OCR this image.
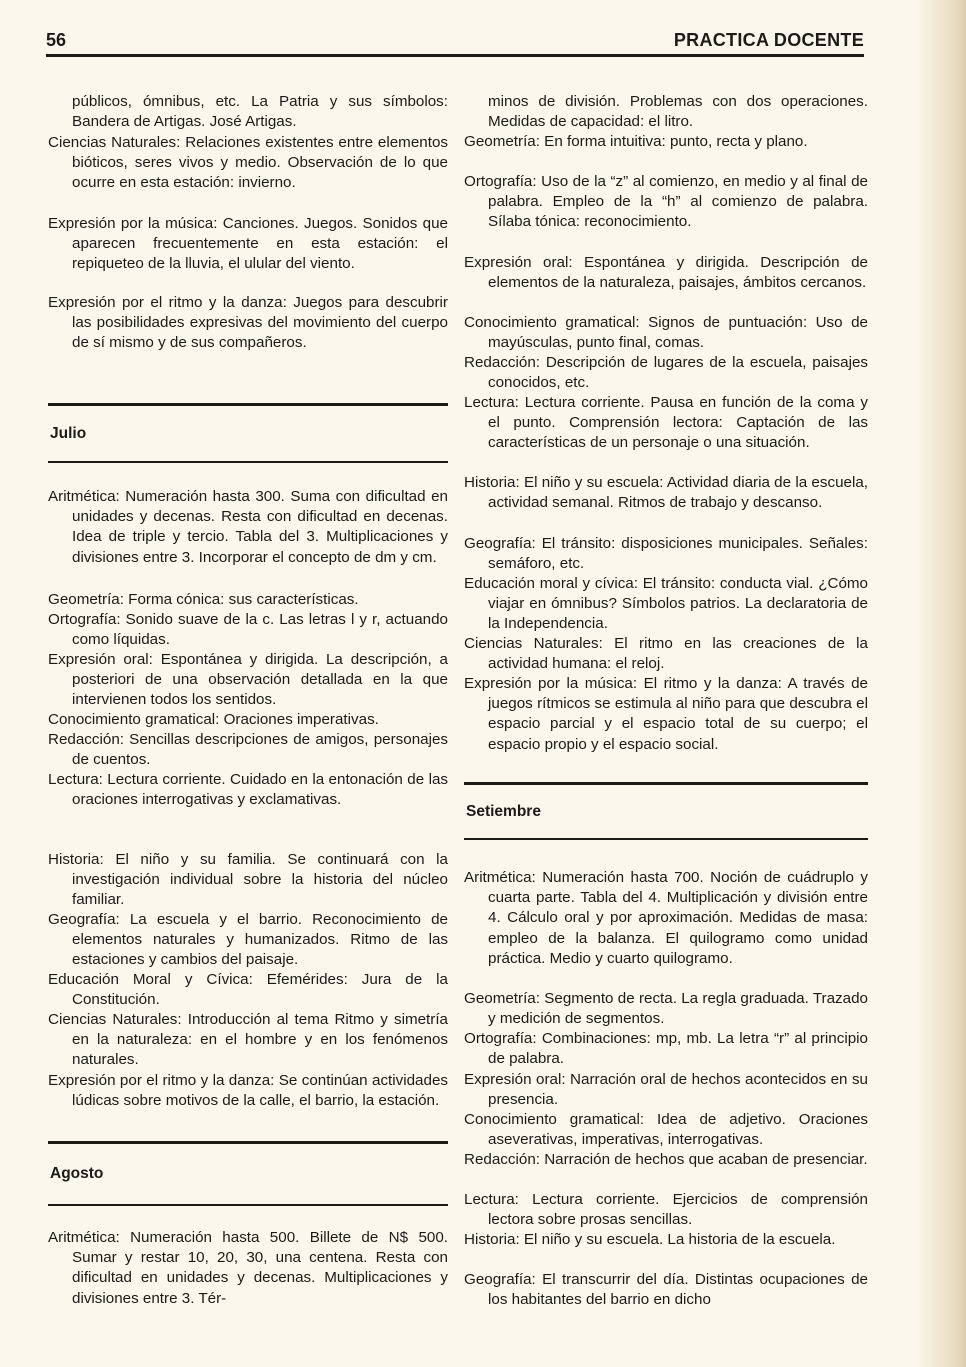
56	PRACTICA DOCENTE
públicos, ómnibus, etc. La Patria y sus símbolos: Bandera de Artigas. José Artigas.
Ciencias Naturales: Relaciones existentes entre elementos bióticos, seres vivos y medio. Observación de lo que ocurre en esta estación: invierno.
Expresión por la música: Canciones. Juegos. Sonidos que aparecen frecuentemente en esta estación: el repiqueteo de la lluvia, el ulular del viento.
Expresión por el ritmo y la danza: Juegos para descubrir las posibilidades expresivas del movimiento del cuerpo de sí mismo y de sus compañeros.
Julio
Aritmética: Numeración hasta 300. Suma con dificultad en unidades y decenas. Resta con dificultad en decenas. Idea de triple y tercio. Tabla del 3. Multiplicaciones y divisiones entre 3. Incorporar el concepto de dm y cm.
Geometría: Forma cónica: sus características.
Ortografía: Sonido suave de la c. Las letras l y r, actuando como líquidas.
Expresión oral: Espontánea y dirigida. La descripción, a posteriori de una observación detallada en la que intervienen todos los sentidos.
Conocimiento gramatical: Oraciones imperativas.
Redacción: Sencillas descripciones de amigos, personajes de cuentos.
Lectura: Lectura corriente. Cuidado en la entonación de las oraciones interrogativas y exclamativas.
Historia: El niño y su familia. Se continuará con la investigación individual sobre la historia del núcleo familiar.
Geografía: La escuela y el barrio. Reconocimiento de elementos naturales y humanizados. Ritmo de las estaciones y cambios del paisaje.
Educación Moral y Cívica: Efemérides: Jura de la Constitución.
Ciencias Naturales: Introducción al tema Ritmo y simetría en la naturaleza: en el hombre y en los fenómenos naturales.
Expresión por el ritmo y la danza: Se continúan actividades lúdicas sobre motivos de la calle, el barrio, la estación.
Agosto
Aritmética: Numeración hasta 500. Billete de N$ 500. Sumar y restar 10, 20, 30, una centena. Resta con dificultad en unidades y decenas. Multiplicaciones y divisiones entre 3. Tér-
minos de división. Problemas con dos operaciones. Medidas de capacidad: el litro.
Geometría: En forma intuitiva: punto, recta y plano.
Ortografía: Uso de la “z” al comienzo, en medio y al final de palabra. Empleo de la “h” al comienzo de palabra. Sílaba tónica: reconocimiento.
Expresión oral: Espontánea y dirigida. Descripción de elementos de la naturaleza, paisajes, ámbitos cercanos.
Conocimiento gramatical: Signos de puntuación: Uso de mayúsculas, punto final, comas.
Redacción: Descripción de lugares de la escuela, paisajes conocidos, etc.
Lectura: Lectura corriente. Pausa en función de la coma y el punto. Comprensión lectora: Captación de las características de un personaje o una situación.
Historia: El niño y su escuela: Actividad diaria de la escuela, actividad semanal. Ritmos de trabajo y descanso.
Geografía: El tránsito: disposiciones municipales. Señales: semáforo, etc.
Educación moral y cívica: El tránsito: conducta vial. ¿Cómo viajar en ómnibus? Símbolos patrios. La declaratoria de la Independencia.
Ciencias Naturales: El ritmo en las creaciones de la actividad humana: el reloj.
Expresión por la música: El ritmo y la danza: A través de juegos rítmicos se estimula al niño para que descubra el espacio parcial y el espacio total de su cuerpo; el espacio propio y el espacio social.
Setiembre
Aritmética: Numeración hasta 700. Noción de cuádruplo y cuarta parte. Tabla del 4. Multiplicación y división entre 4. Cálculo oral y por aproximación. Medidas de masa: empleo de la balanza. El quilogramo como unidad práctica. Medio y cuarto quilogramo.
Geometría: Segmento de recta. La regla graduada. Trazado y medición de segmentos.
Ortografía: Combinaciones: mp, mb. La letra “r” al principio de palabra.
Expresión oral: Narración oral de hechos acontecidos en su presencia.
Conocimiento gramatical: Idea de adjetivo. Oraciones aseverativas, imperativas, interrogativas.
Redacción: Narración de hechos que acaban de presenciar.
Lectura: Lectura corriente. Ejercicios de comprensión lectora sobre prosas sencillas.
Historia: El niño y su escuela. La historia de la escuela.
Geografía: El transcurrir del día. Distintas ocupaciones de los habitantes del barrio en dicho
